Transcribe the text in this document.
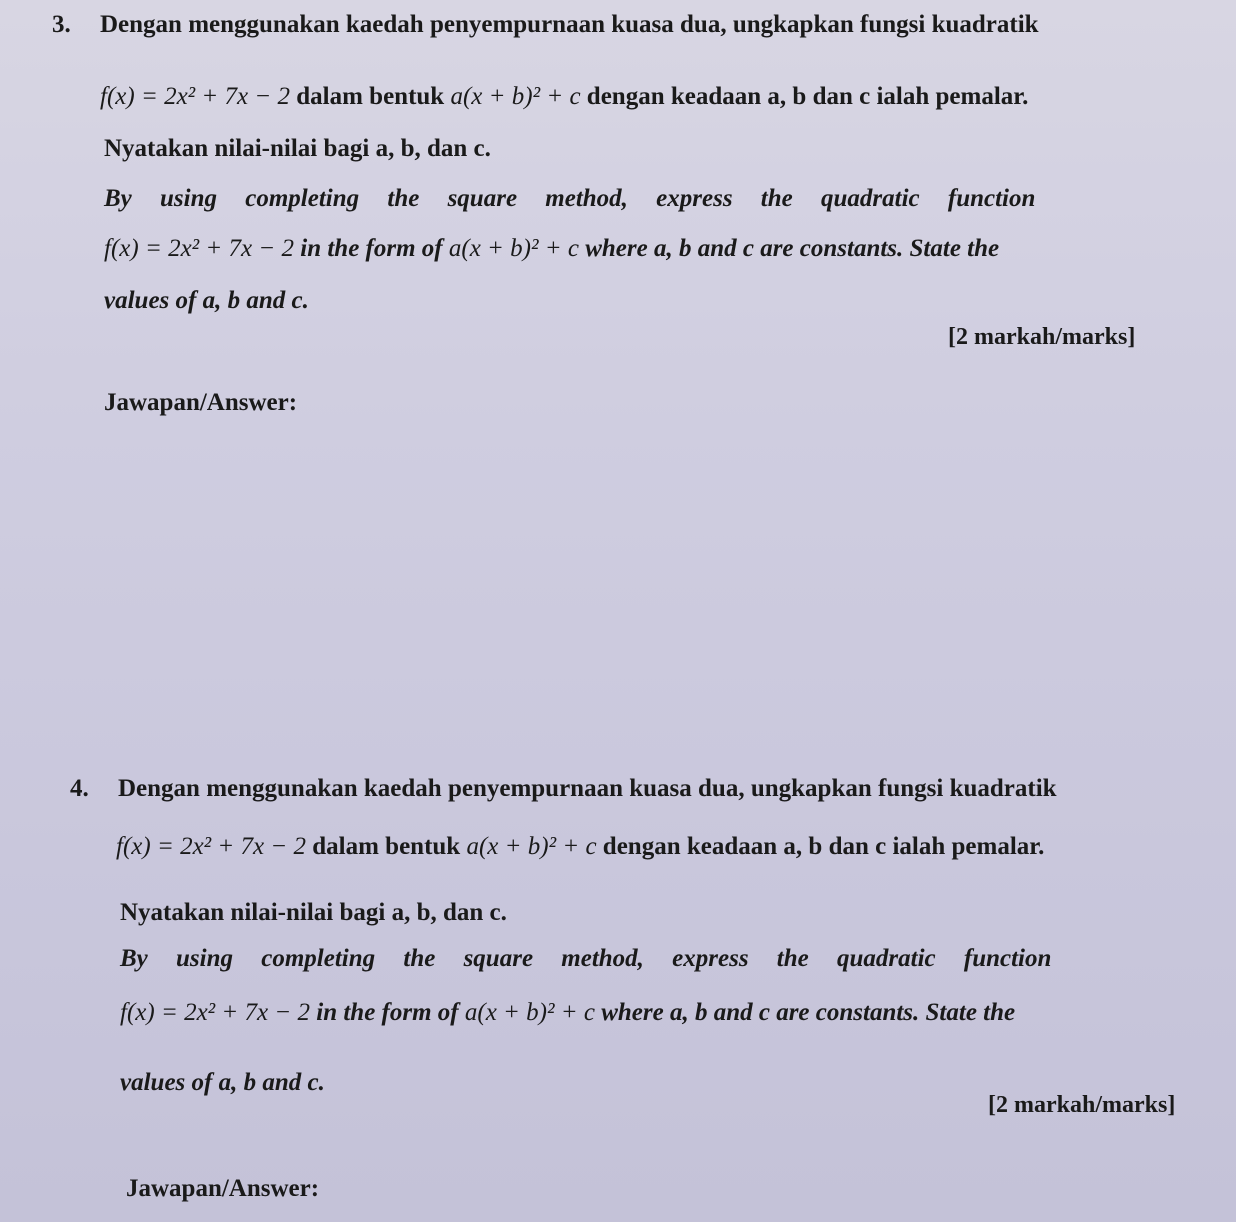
3. Dengan menggunakan kaedah penyempurnaan kuasa dua, ungkapkan fungsi kuadratik
f(x) = 2x² + 7x − 2 dalam bentuk a(x + b)² + c dengan keadaan a, b dan c ialah pemalar.
Nyatakan nilai-nilai bagi a, b, dan c.
By using completing the square method, express the quadratic function
f(x) = 2x² + 7x − 2 in the form of a(x + b)² + c where a, b and c are constants. State the
values of a, b and c.
[2 markah/marks]
Jawapan/Answer:
4. Dengan menggunakan kaedah penyempurnaan kuasa dua, ungkapkan fungsi kuadratik
f(x) = 2x² + 7x − 2 dalam bentuk a(x + b)² + c dengan keadaan a, b dan c ialah pemalar.
Nyatakan nilai-nilai bagi a, b, dan c.
By using completing the square method, express the quadratic function
f(x) = 2x² + 7x − 2 in the form of a(x + b)² + c where a, b and c are constants. State the
values of a, b and c.
[2 markah/marks]
Jawapan/Answer:
